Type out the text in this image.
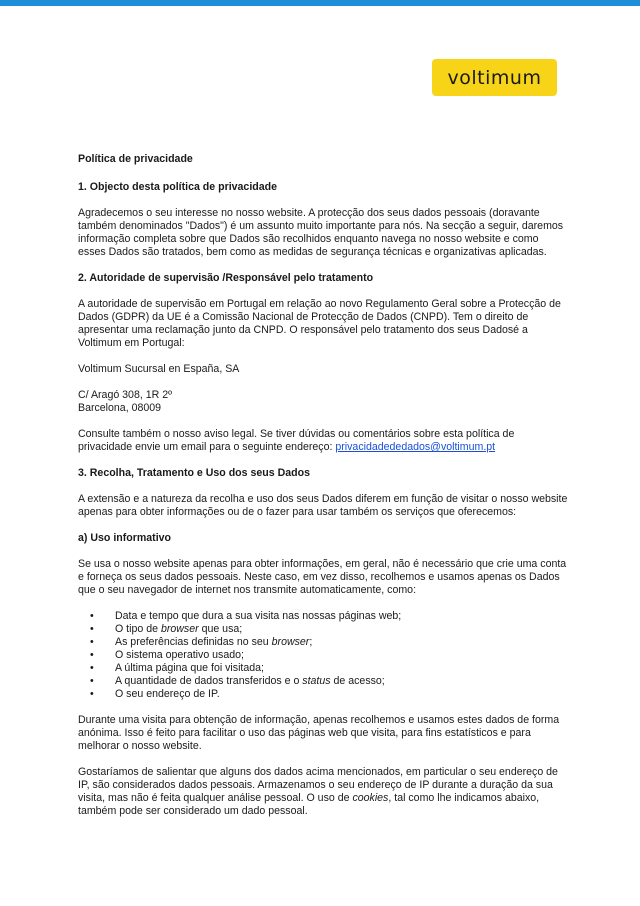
voltimum

Política de privacidade

1. Objecto desta política de privacidade

Agradecemos o seu interesse no nosso website. A protecção dos seus dados pessoais (doravante também denominados "Dados") é um assunto muito importante para nós. Na secção a seguir, daremos informação completa sobre que Dados são recolhidos enquanto navega no nosso website e como esses Dados são tratados, bem como as medidas de segurança técnicas e organizativas aplicadas.

2. Autoridade de supervisão /Responsável pelo tratamento

A autoridade de supervisão em Portugal em relação ao novo Regulamento Geral sobre a Protecção de Dados (GDPR) da UE é a Comissão Nacional de Protecção de Dados (CNPD). Tem o direito de apresentar uma reclamação junto da CNPD. O responsável pelo tratamento dos seus Dadosé a Voltimum em Portugal:

Voltimum Sucursal en España, SA

C/ Aragó 308, 1R 2º

Barcelona, 08009

Consulte também o nosso aviso legal. Se tiver dúvidas ou comentários sobre esta política de privacidade envie um email para o seguinte endereço: privacidadededados@voltimum.pt

3. Recolha, Tratamento e Uso dos seus Dados

A extensão e a natureza da recolha e uso dos seus Dados diferem em função de visitar o nosso website apenas para obter informações ou de o fazer para usar também os serviços que oferecemos:

a) Uso informativo

Se usa o nosso website apenas para obter informações, em geral, não é necessário que crie uma conta e forneça os seus dados pessoais. Neste caso, em vez disso, recolhemos e usamos apenas os Dados que o seu navegador de internet nos transmite automaticamente, como:

• Data e tempo que dura a sua visita nas nossas páginas web;
• O tipo de browser que usa;
• As preferências definidas no seu browser;
• O sistema operativo usado;
• A última página que foi visitada;
• A quantidade de dados transferidos e o status de acesso;
• O seu endereço de IP.

Durante uma visita para obtenção de informação, apenas recolhemos e usamos estes dados de forma anónima. Isso é feito para facilitar o uso das páginas web que visita, para fins estatísticos e para melhorar o nosso website.

Gostaríamos de salientar que alguns dos dados acima mencionados, em particular o seu endereço de IP, são considerados dados pessoais. Armazenamos o seu endereço de IP durante a duração da sua visita, mas não é feita qualquer análise pessoal. O uso de cookies, tal como lhe indicamos abaixo, também pode ser considerado um dado pessoal.
